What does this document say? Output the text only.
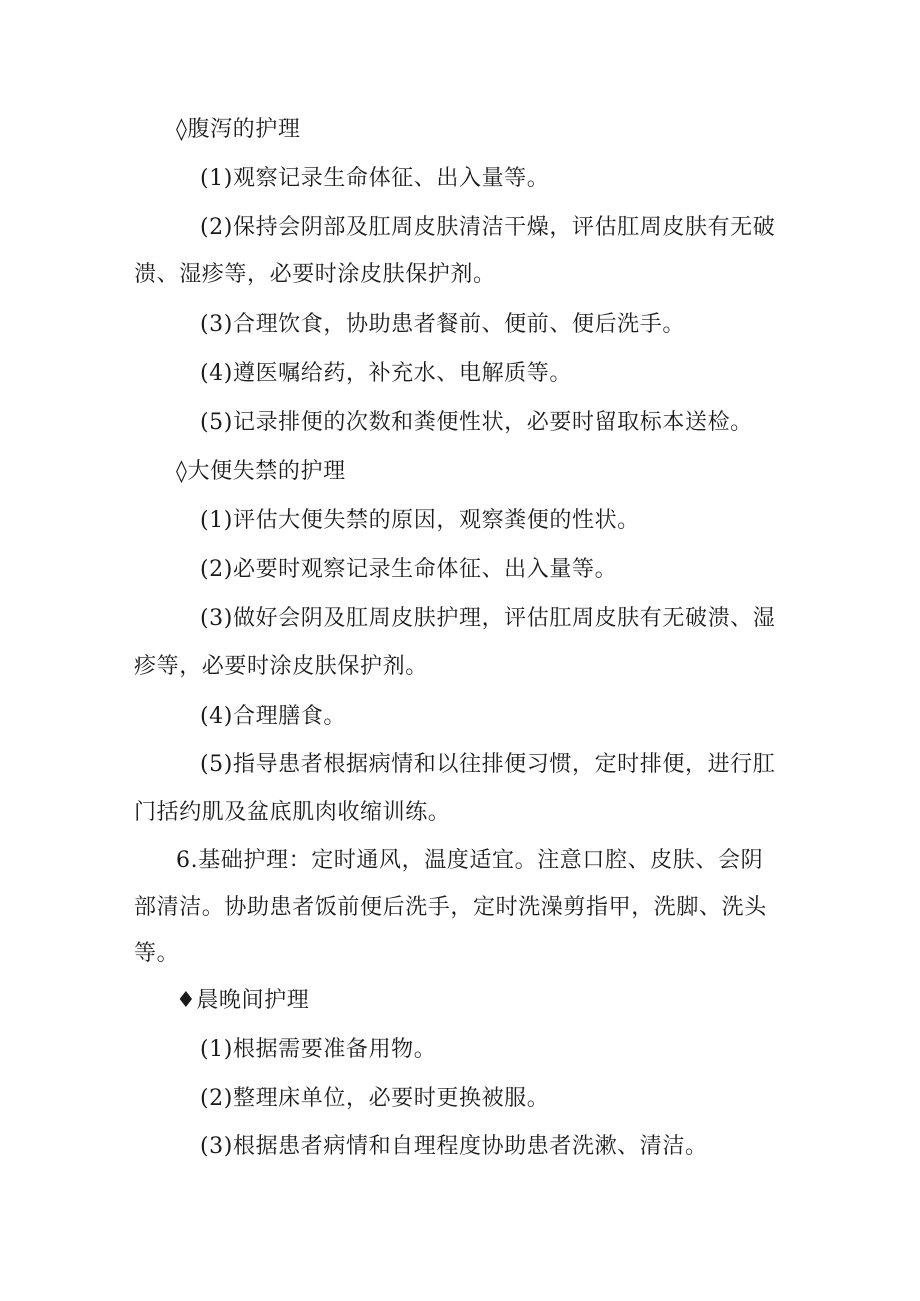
◊腹泻的护理
(1)观察记录生命体征、出入量等。
(2)保持会阴部及肛周皮肤清洁干燥，评估肛周皮肤有无破
溃、湿疹等，必要时涂皮肤保护剂。
(3)合理饮食，协助患者餐前、便前、便后洗手。
(4)遵医嘱给药，补充水、电解质等。
(5)记录排便的次数和粪便性状，必要时留取标本送检。
◊大便失禁的护理
(1)评估大便失禁的原因，观察粪便的性状。
(2)必要时观察记录生命体征、出入量等。
(3)做好会阴及肛周皮肤护理，评估肛周皮肤有无破溃、湿
疹等，必要时涂皮肤保护剂。
(4)合理膳食。
(5)指导患者根据病情和以往排便习惯，定时排便，进行肛
门括约肌及盆底肌肉收缩训练。
6.基础护理：定时通风，温度适宜。注意口腔、皮肤、会阴
部清洁。协助患者饭前便后洗手，定时洗澡剪指甲，洗脚、洗头
等。
♦晨晚间护理
(1)根据需要准备用物。
(2)整理床单位，必要时更换被服。
(3)根据患者病情和自理程度协助患者洗漱、清洁。
